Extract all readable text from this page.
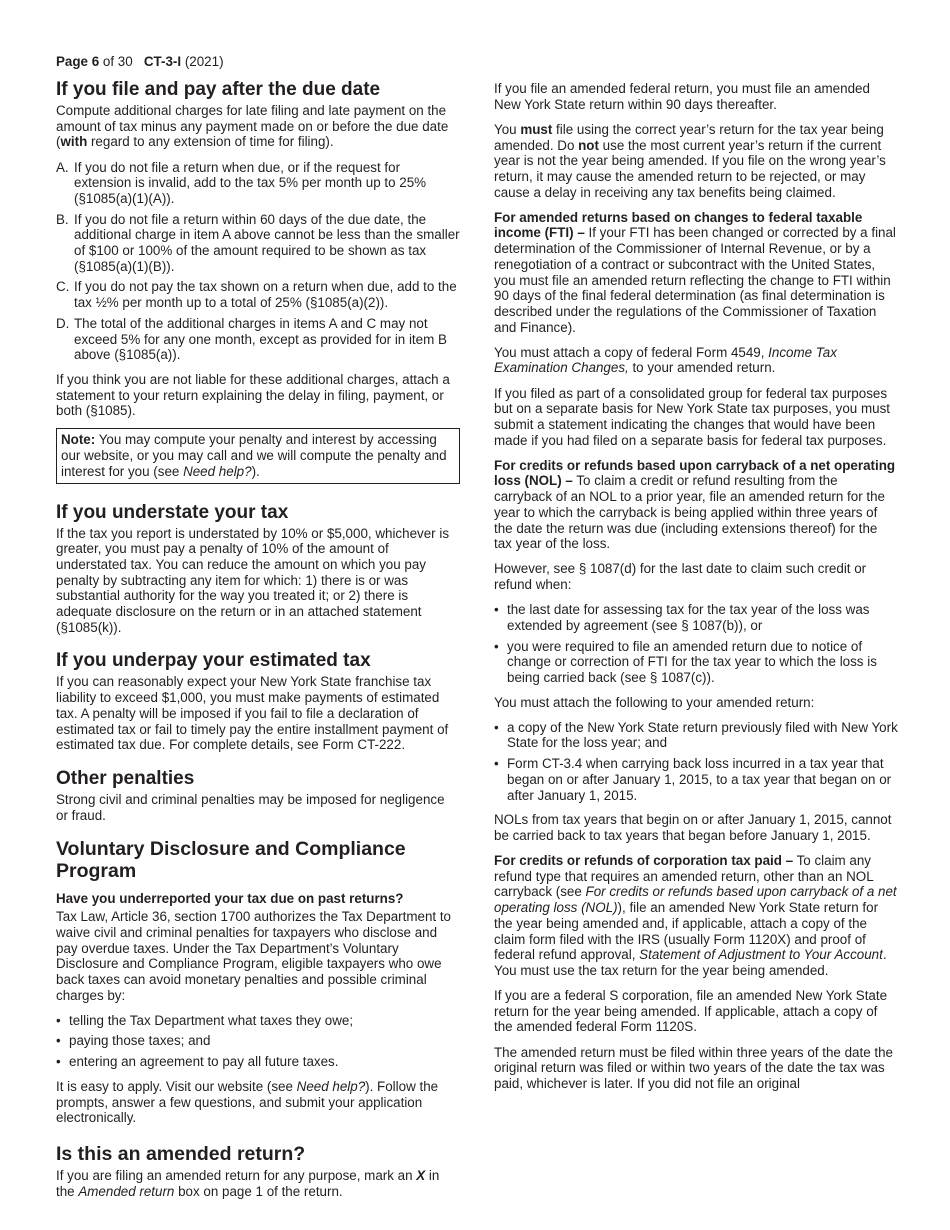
Page 6 of 30 CT-3-I (2021)
If you file and pay after the due date

Compute additional charges for late filing and late payment on the amount of tax minus any payment made on or before the due date (with regard to any extension of time for filing).

A. If you do not file a return when due, or if the request for extension is invalid, add to the tax 5% per month up to 25% (§1085(a)(1)(A)).
B. If you do not file a return within 60 days of the due date, the additional charge in item A above cannot be less than the smaller of $100 or 100% of the amount required to be shown as tax (§1085(a)(1)(B)).
C. If you do not pay the tax shown on a return when due, add to the tax ½% per month up to a total of 25% (§1085(a)(2)).
D. The total of the additional charges in items A and C may not exceed 5% for any one month, except as provided for in item B above (§1085(a)).

If you think you are not liable for these additional charges, attach a statement to your return explaining the delay in filing, payment, or both (§1085).

Note: You may compute your penalty and interest by accessing our website, or you may call and we will compute the penalty and interest for you (see Need help?).
If you understate your tax

If the tax you report is understated by 10% or $5,000, whichever is greater, you must pay a penalty of 10% of the amount of understated tax. You can reduce the amount on which you pay penalty by subtracting any item for which: 1) there is or was substantial authority for the way you treated it; or 2) there is adequate disclosure on the return or in an attached statement (§1085(k)).

If you underpay your estimated tax

If you can reasonably expect your New York State franchise tax liability to exceed $1,000, you must make payments of estimated tax. A penalty will be imposed if you fail to file a declaration of estimated tax or fail to timely pay the entire installment payment of estimated tax due. For complete details, see Form CT-222.

Other penalties

Strong civil and criminal penalties may be imposed for negligence or fraud.

Voluntary Disclosure and Compliance Program

Have you underreported your tax due on past returns?

Tax Law, Article 36, section 1700 authorizes the Tax Department to waive civil and criminal penalties for taxpayers who disclose and pay overdue taxes. Under the Tax Department’s Voluntary Disclosure and Compliance Program, eligible taxpayers who owe back taxes can avoid monetary penalties and possible criminal charges by:

• telling the Tax Department what taxes they owe;
• paying those taxes; and
• entering an agreement to pay all future taxes.

It is easy to apply. Visit our website (see Need help?). Follow the prompts, answer a few questions, and submit your application electronically.

Is this an amended return?

If you are filing an amended return for any purpose, mark an X in the Amended return box on page 1 of the return.

If you file an amended federal return, you must file an amended New York State return within 90 days thereafter.

You must file using the correct year’s return for the tax year being amended. Do not use the most current year’s return if the current year is not the year being amended. If you file on the wrong year’s return, it may cause the amended return to be rejected, or may cause a delay in receiving any tax benefits being claimed.

For amended returns based on changes to federal taxable income (FTI) – If your FTI has been changed or corrected by a final determination of the Commissioner of Internal Revenue, or by a renegotiation of a contract or subcontract with the United States, you must file an amended return reflecting the change to FTI within 90 days of the final federal determination (as final determination is described under the regulations of the Commissioner of Taxation and Finance).

You must attach a copy of federal Form 4549, Income Tax Examination Changes, to your amended return.

If you filed as part of a consolidated group for federal tax purposes but on a separate basis for New York State tax purposes, you must submit a statement indicating the changes that would have been made if you had filed on a separate basis for federal tax purposes.

For credits or refunds based upon carryback of a net operating loss (NOL) – To claim a credit or refund resulting from the carryback of an NOL to a prior year, file an amended return for the year to which the carryback is being applied within three years of the date the return was due (including extensions thereof) for the tax year of the loss.

However, see § 1087(d) for the last date to claim such credit or refund when:

• the last date for assessing tax for the tax year of the loss was extended by agreement (see § 1087(b)), or
• you were required to file an amended return due to notice of change or correction of FTI for the tax year to which the loss is being carried back (see § 1087(c)).

You must attach the following to your amended return:

• a copy of the New York State return previously filed with New York State for the loss year; and
• Form CT-3.4 when carrying back loss incurred in a tax year that began on or after January 1, 2015, to a tax year that began on or after January 1, 2015.

NOLs from tax years that begin on or after January 1, 2015, cannot be carried back to tax years that began before January 1, 2015.

For credits or refunds of corporation tax paid – To claim any refund type that requires an amended return, other than an NOL carryback (see For credits or refunds based upon carryback of a net operating loss (NOL)), file an amended New York State return for the year being amended and, if applicable, attach a copy of the claim form filed with the IRS (usually Form 1120X) and proof of federal refund approval, Statement of Adjustment to Your Account. You must use the tax return for the year being amended.

If you are a federal S corporation, file an amended New York State return for the year being amended. If applicable, attach a copy of the amended federal Form 1120S.

The amended return must be filed within three years of the date the original return was filed or within two years of the date the tax was paid, whichever is later. If you did not file an original
